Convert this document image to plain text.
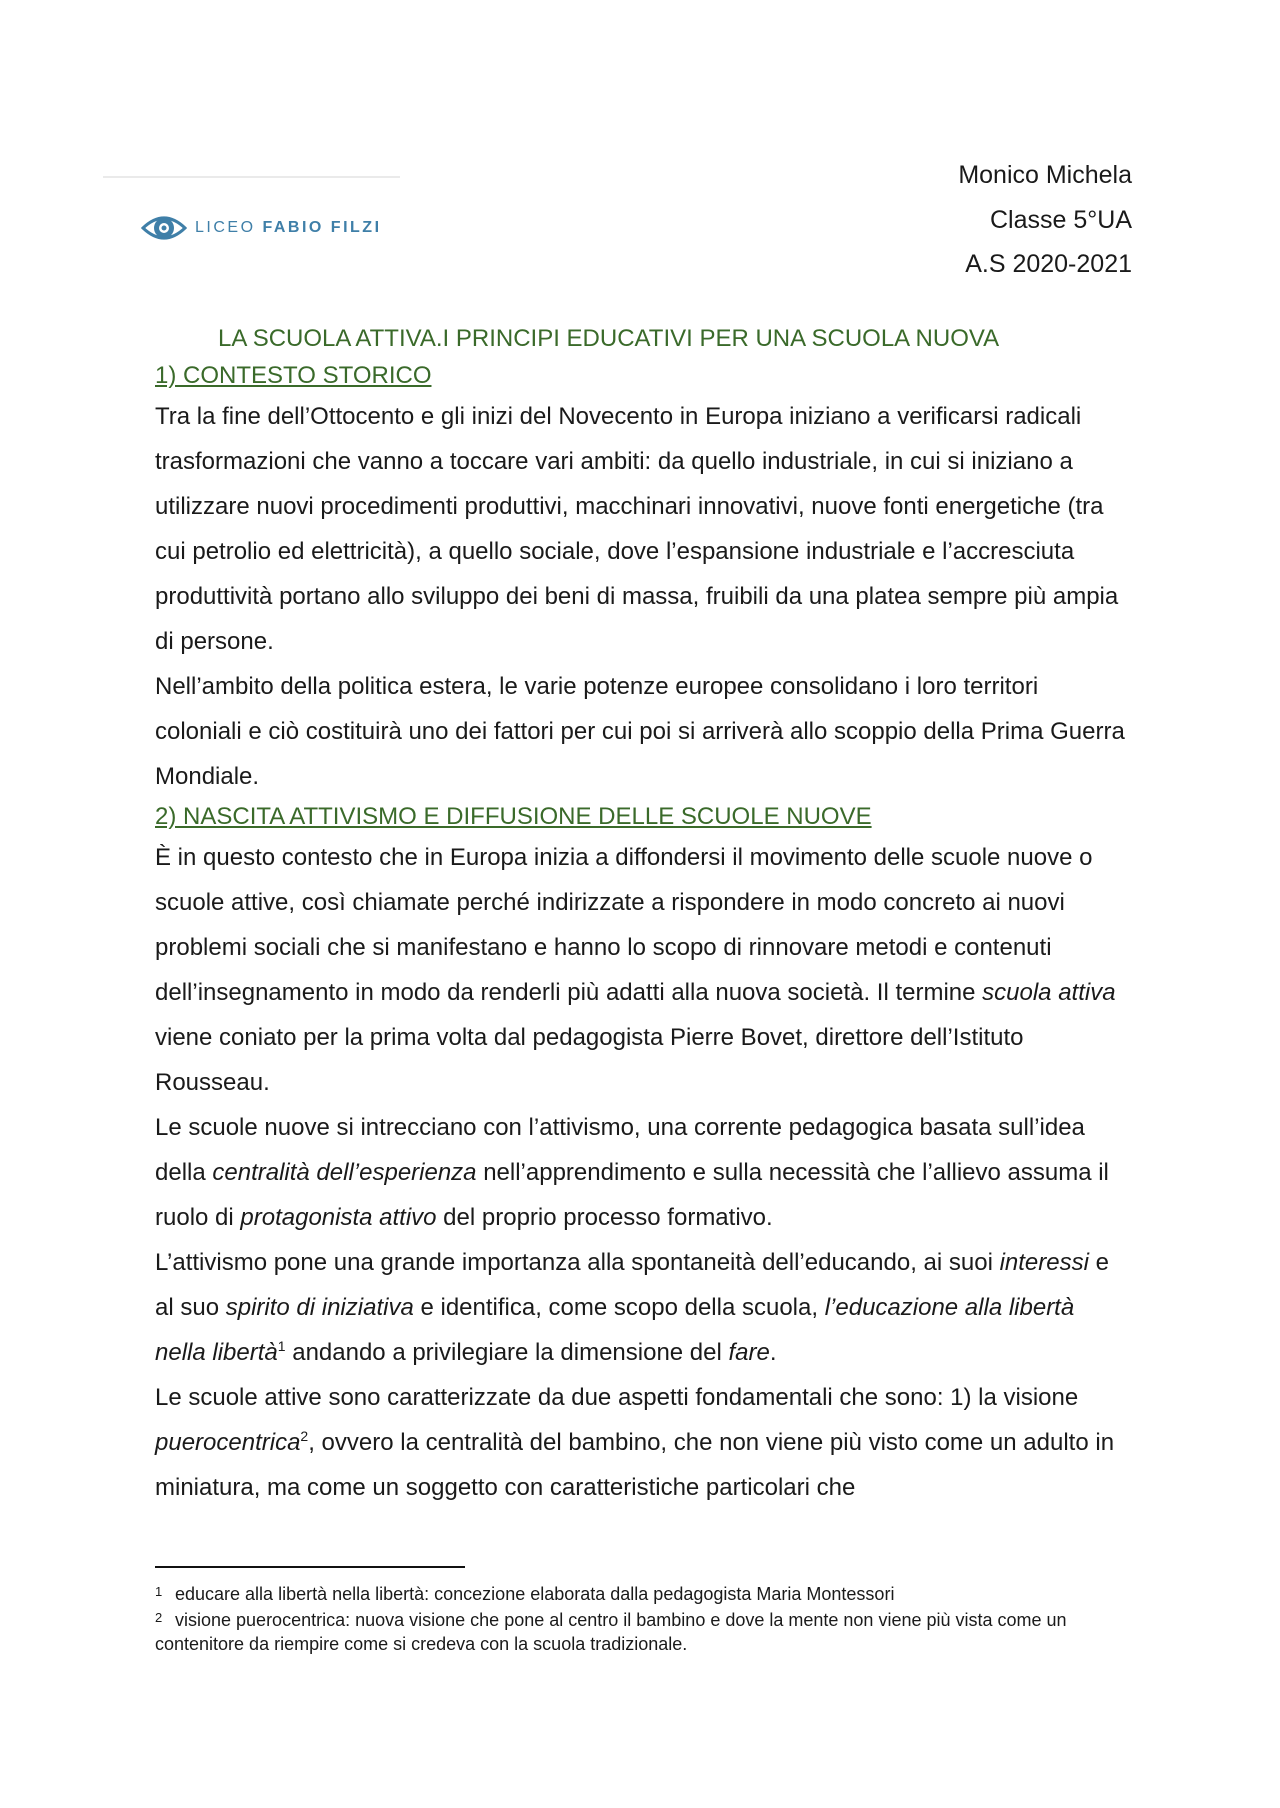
LICEO FABIO FILZI
Monico Michela
Classe 5°UA
A.S 2020-2021
LA SCUOLA ATTIVA.I PRINCIPI EDUCATIVI PER UNA SCUOLA NUOVA
1) CONTESTO STORICO

Tra la fine dell’Ottocento e gli inizi del Novecento in Europa iniziano a verificarsi radicali trasformazioni che vanno a toccare vari ambiti: da quello industriale, in cui si iniziano a utilizzare nuovi procedimenti produttivi, macchinari innovativi, nuove fonti energetiche (tra cui petrolio ed elettricità), a quello sociale, dove l’espansione industriale e l’accresciuta produttività portano allo sviluppo dei beni di massa, fruibili da una platea sempre più ampia di persone.

Nell’ambito della politica estera, le varie potenze europee consolidano i loro territori coloniali e ciò costituirà uno dei fattori per cui poi si arriverà allo scoppio della Prima Guerra Mondiale.

2) NASCITA ATTIVISMO E DIFFUSIONE DELLE SCUOLE NUOVE

È in questo contesto che in Europa inizia a diffondersi il movimento delle scuole nuove o scuole attive, così chiamate perché indirizzate a rispondere in modo concreto ai nuovi problemi sociali che si manifestano e hanno lo scopo di rinnovare metodi e contenuti dell’insegnamento in modo da renderli più adatti alla nuova società. Il termine scuola attiva viene coniato per la prima volta dal pedagogista Pierre Bovet, direttore dell’Istituto Rousseau.

Le scuole nuove si intrecciano con l’attivismo, una corrente pedagogica basata sull’idea della centralità dell’esperienza nell’apprendimento e sulla necessità che l’allievo assuma il ruolo di protagonista attivo del proprio processo formativo.

L’attivismo pone una grande importanza alla spontaneità dell’educando, ai suoi interessi e al suo spirito di iniziativa e identifica, come scopo della scuola, l’educazione alla libertà nella libertà$^1$ andando a privilegiare la dimensione del fare.

Le scuole attive sono caratterizzate da due aspetti fondamentali che sono: 1) la visione puerocentrica$^2$, ovvero la centralità del bambino, che non viene più visto come un adulto in miniatura, ma come un soggetto con caratteristiche particolari che

1 educare alla libertà nella libertà: concezione elaborata dalla pedagogista Maria Montessori
2 visione puerocentrica: nuova visione che pone al centro il bambino e dove la mente non viene più vista come un contenitore da riempire come si credeva con la scuola tradizionale.
